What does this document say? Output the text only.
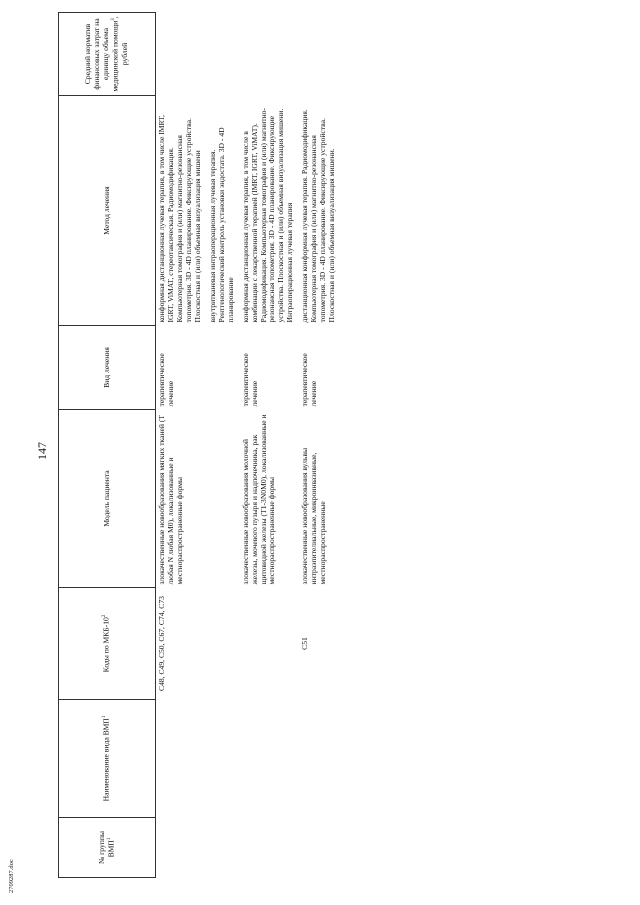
147
2709287.doc
№ группы ВМП$^1$	Наименование вида ВМП$^1$	Коды по МКБ-$10^2$	Модель пациента	Вид лечения	Метод лечения	Средний норматив финансовых затрат на единицу объема медицинской помощи$^3$, рублей
		C48, C49, C50, C67, C74, C73	злокачественные новообразования мягких тканей (T любая N любая M0), локализованные и местнораспространенные формы	терапевтическое лечение	конформная дистанционная лучевая терапия, в том числе IMRT, IGRT, ViMAT, стереотаксическая. Радиомодификация. Компьютерная томография и (или) магнитно-резонансная топометрия. 3D - 4D планирование. Фиксирующие устройства. Плоскостная и (или) объемная визуализация мишени внутритканевая интраоперационная лучевая терапия. Рентгенологический контроль установки эндостата. 3D - 4D планирование	

			злокачественные новообразования молочной железы, мочевого пузыря и надпочечника, рак щитовидной железы (T1-3N0M0), локализованные и местнораспространенные формы	терапевтическое лечение	конформная дистанционная лучевая терапия, в том числе в комбинации с лекарственной терапией (IMRT, IGRT, ViMAT). Радиомодификация. Компьютерная томография и (или) магнитно-резонансная топометрия. 3D - 4D планирование. Фиксирующие устройства. Плоскостная и (или) объемная визуализация мишени. Интраоперационная лучевая терапия	
		C51	злокачественные новообразования вульвы интраэпителиальные, микроинвазивные, местнораспространенные	терапевтическое лечение	дистанционная конформная лучевая терапия. Радиомодификация. Компьютерная томография и (или) магнитно-резонансная топометрия. 3D - 4D планирование. Фиксирующие устройства. Плоскостная и (или) объемная визуализация мишени.	
